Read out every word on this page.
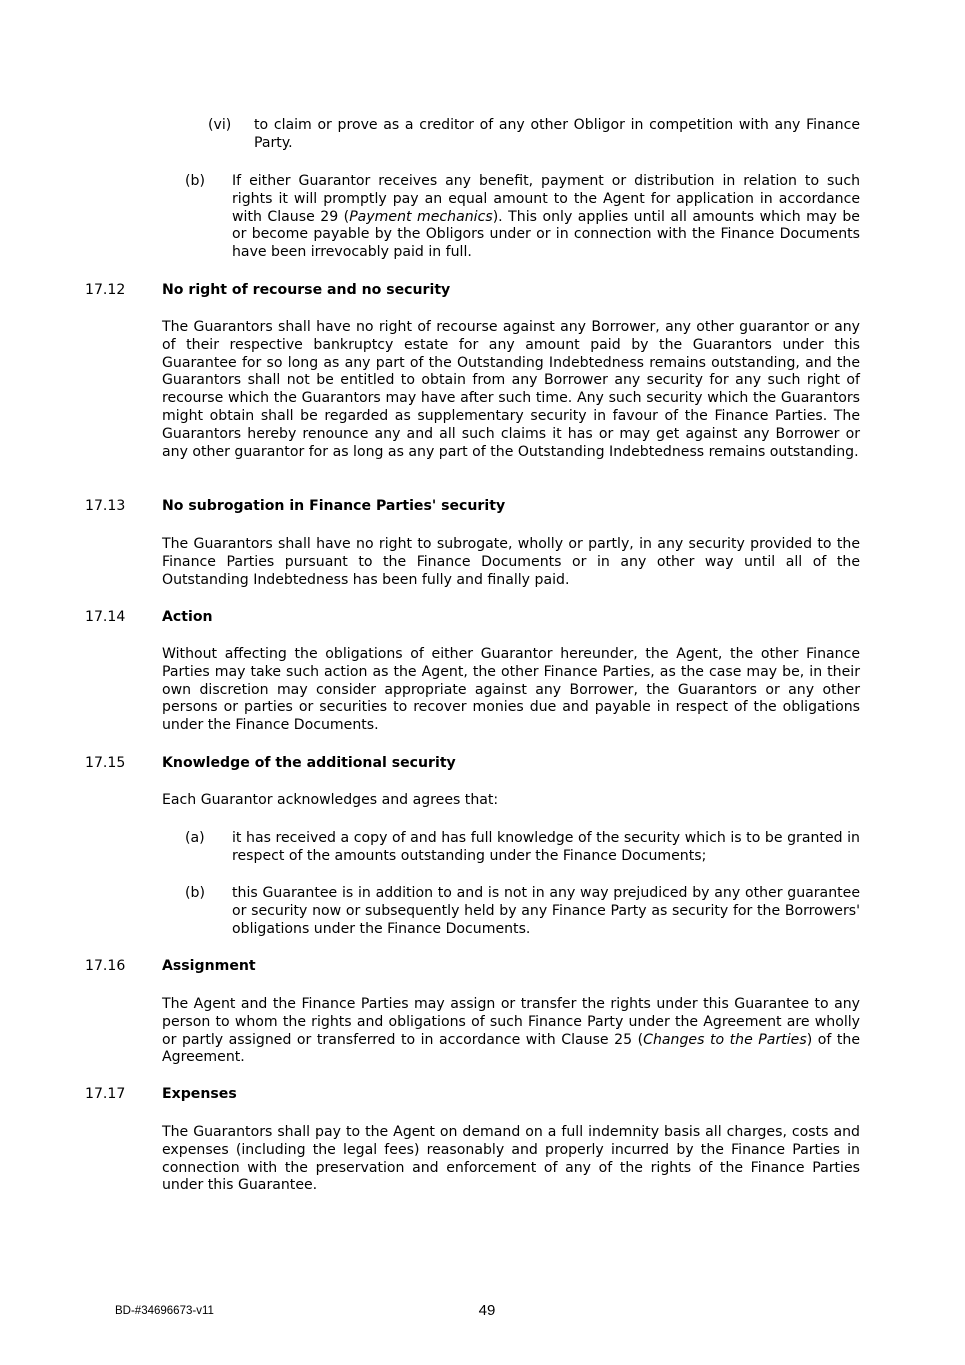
(vi) to claim or prove as a creditor of any other Obligor in competition with any Finance Party.
(b) If either Guarantor receives any benefit, payment or distribution in relation to such rights it will promptly pay an equal amount to the Agent for application in accordance with Clause 29 (Payment mechanics). This only applies until all amounts which may be or become payable by the Obligors under or in connection with the Finance Documents have been irrevocably paid in full.
17.12	No right of recourse and no security
The Guarantors shall have no right of recourse against any Borrower, any other guarantor or any of their respective bankruptcy estate for any amount paid by the Guarantors under this Guarantee for so long as any part of the Outstanding Indebtedness remains outstanding, and the Guarantors shall not be entitled to obtain from any Borrower any security for any such right of recourse which the Guarantors may have after such time. Any such security which the Guarantors might obtain shall be regarded as supplementary security in favour of the Finance Parties. The Guarantors hereby renounce any and all such claims it has or may get against any Borrower or any other guarantor for as long as any part of the Outstanding Indebtedness remains outstanding.
17.13	No subrogation in Finance Parties' security
The Guarantors shall have no right to subrogate, wholly or partly, in any security provided to the Finance Parties pursuant to the Finance Documents or in any other way until all of the Outstanding Indebtedness has been fully and finally paid.
17.14	Action
Without affecting the obligations of either Guarantor hereunder, the Agent, the other Finance Parties may take such action as the Agent, the other Finance Parties, as the case may be, in their own discretion may consider appropriate against any Borrower, the Guarantors or any other persons or parties or securities to recover monies due and payable in respect of the obligations under the Finance Documents.
17.15	Knowledge of the additional security
Each Guarantor acknowledges and agrees that:
(a) it has received a copy of and has full knowledge of the security which is to be granted in respect of the amounts outstanding under the Finance Documents;
(b) this Guarantee is in addition to and is not in any way prejudiced by any other guarantee or security now or subsequently held by any Finance Party as security for the Borrowers' obligations under the Finance Documents.
17.16	Assignment
The Agent and the Finance Parties may assign or transfer the rights under this Guarantee to any person to whom the rights and obligations of such Finance Party under the Agreement are wholly or partly assigned or transferred to in accordance with Clause 25 (Changes to the Parties) of the Agreement.
17.17	Expenses
The Guarantors shall pay to the Agent on demand on a full indemnity basis all charges, costs and expenses (including the legal fees) reasonably and properly incurred by the Finance Parties in connection with the preservation and enforcement of any of the rights of the Finance Parties under this Guarantee.
BD-#34696673-v11	49
